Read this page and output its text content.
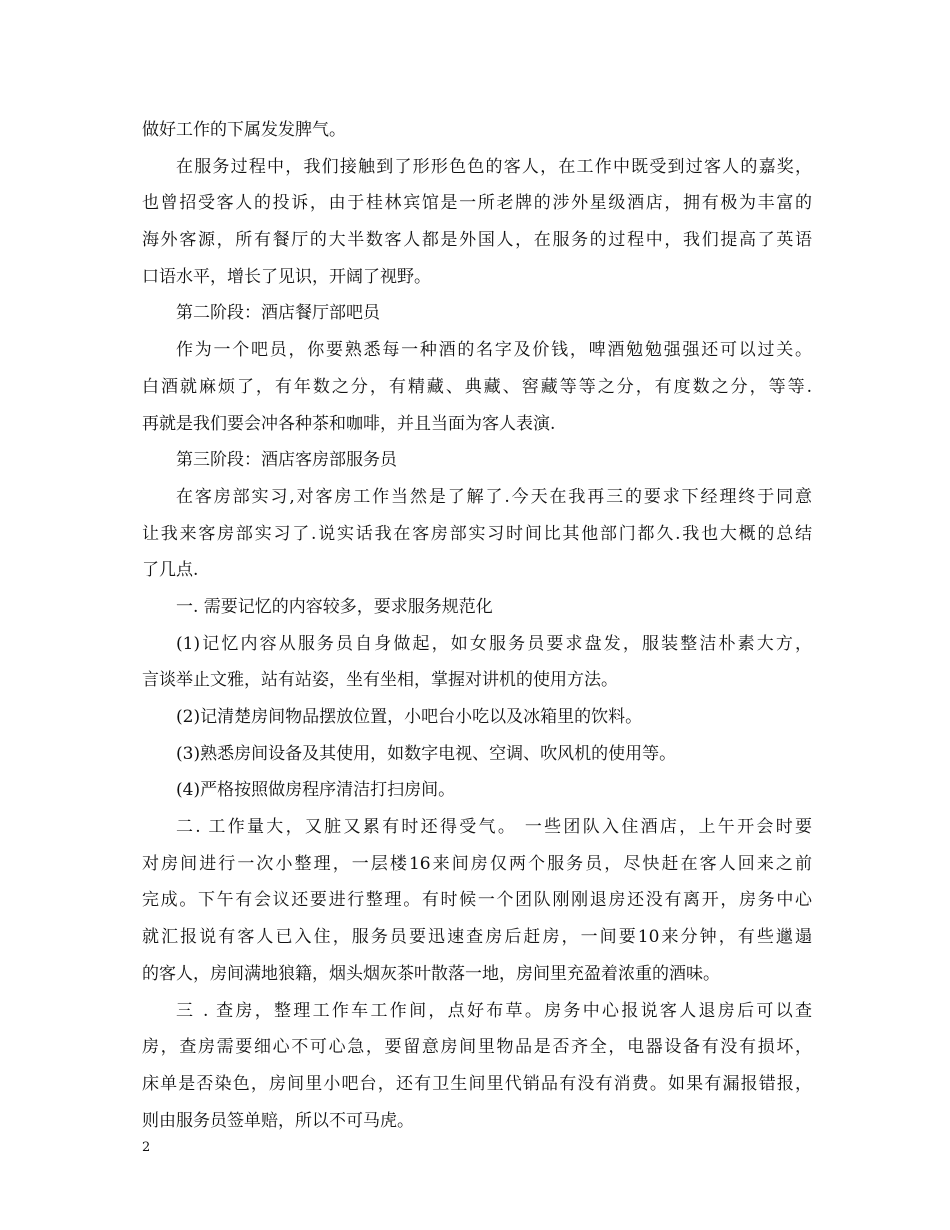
做好工作的下属发发脾气。
在服务过程中，我们接触到了形形色色的客人，在工作中既受到过客人的嘉奖，
也曾招受客人的投诉，由于桂林宾馆是一所老牌的涉外星级酒店，拥有极为丰富的
海外客源，所有餐厅的大半数客人都是外国人，在服务的过程中，我们提高了英语
口语水平，增长了见识，开阔了视野。
第二阶段：酒店餐厅部吧员
作为一个吧员，你要熟悉每一种酒的名字及价钱，啤酒勉勉强强还可以过关。
白酒就麻烦了，有年数之分，有精藏、典藏、窖藏等等之分，有度数之分，等等.
再就是我们要会冲各种茶和咖啡，并且当面为客人表演.
第三阶段：酒店客房部服务员
在客房部实习,对客房工作当然是了解了.今天在我再三的要求下经理终于同意
让我来客房部实习了.说实话我在客房部实习时间比其他部门都久.我也大概的总结
了几点.
一. 需要记忆的内容较多，要求服务规范化
(1)记忆内容从服务员自身做起，如女服务员要求盘发，服装整洁朴素大方，
言谈举止文雅，站有站姿，坐有坐相，掌握对讲机的使用方法。
(2)记清楚房间物品摆放位置，小吧台小吃以及冰箱里的饮料。
(3)熟悉房间设备及其使用，如数字电视、空调、吹风机的使用等。
(4)严格按照做房程序清洁打扫房间。
二. 工作量大，又脏又累有时还得受气。 一些团队入住酒店，上午开会时要
对房间进行一次小整理，一层楼16来间房仅两个服务员，尽快赶在客人回来之前
完成。下午有会议还要进行整理。有时候一个团队刚刚退房还没有离开，房务中心
就汇报说有客人已入住，服务员要迅速查房后赶房，一间要10来分钟，有些邋遢
的客人，房间满地狼籍，烟头烟灰茶叶散落一地，房间里充盈着浓重的酒味。
三 . 查房，整理工作车工作间，点好布草。房务中心报说客人退房后可以查
房，查房需要细心不可心急，要留意房间里物品是否齐全，电器设备有没有损坏，
床单是否染色，房间里小吧台，还有卫生间里代销品有没有消费。如果有漏报错报，
则由服务员签单赔，所以不可马虎。
2
